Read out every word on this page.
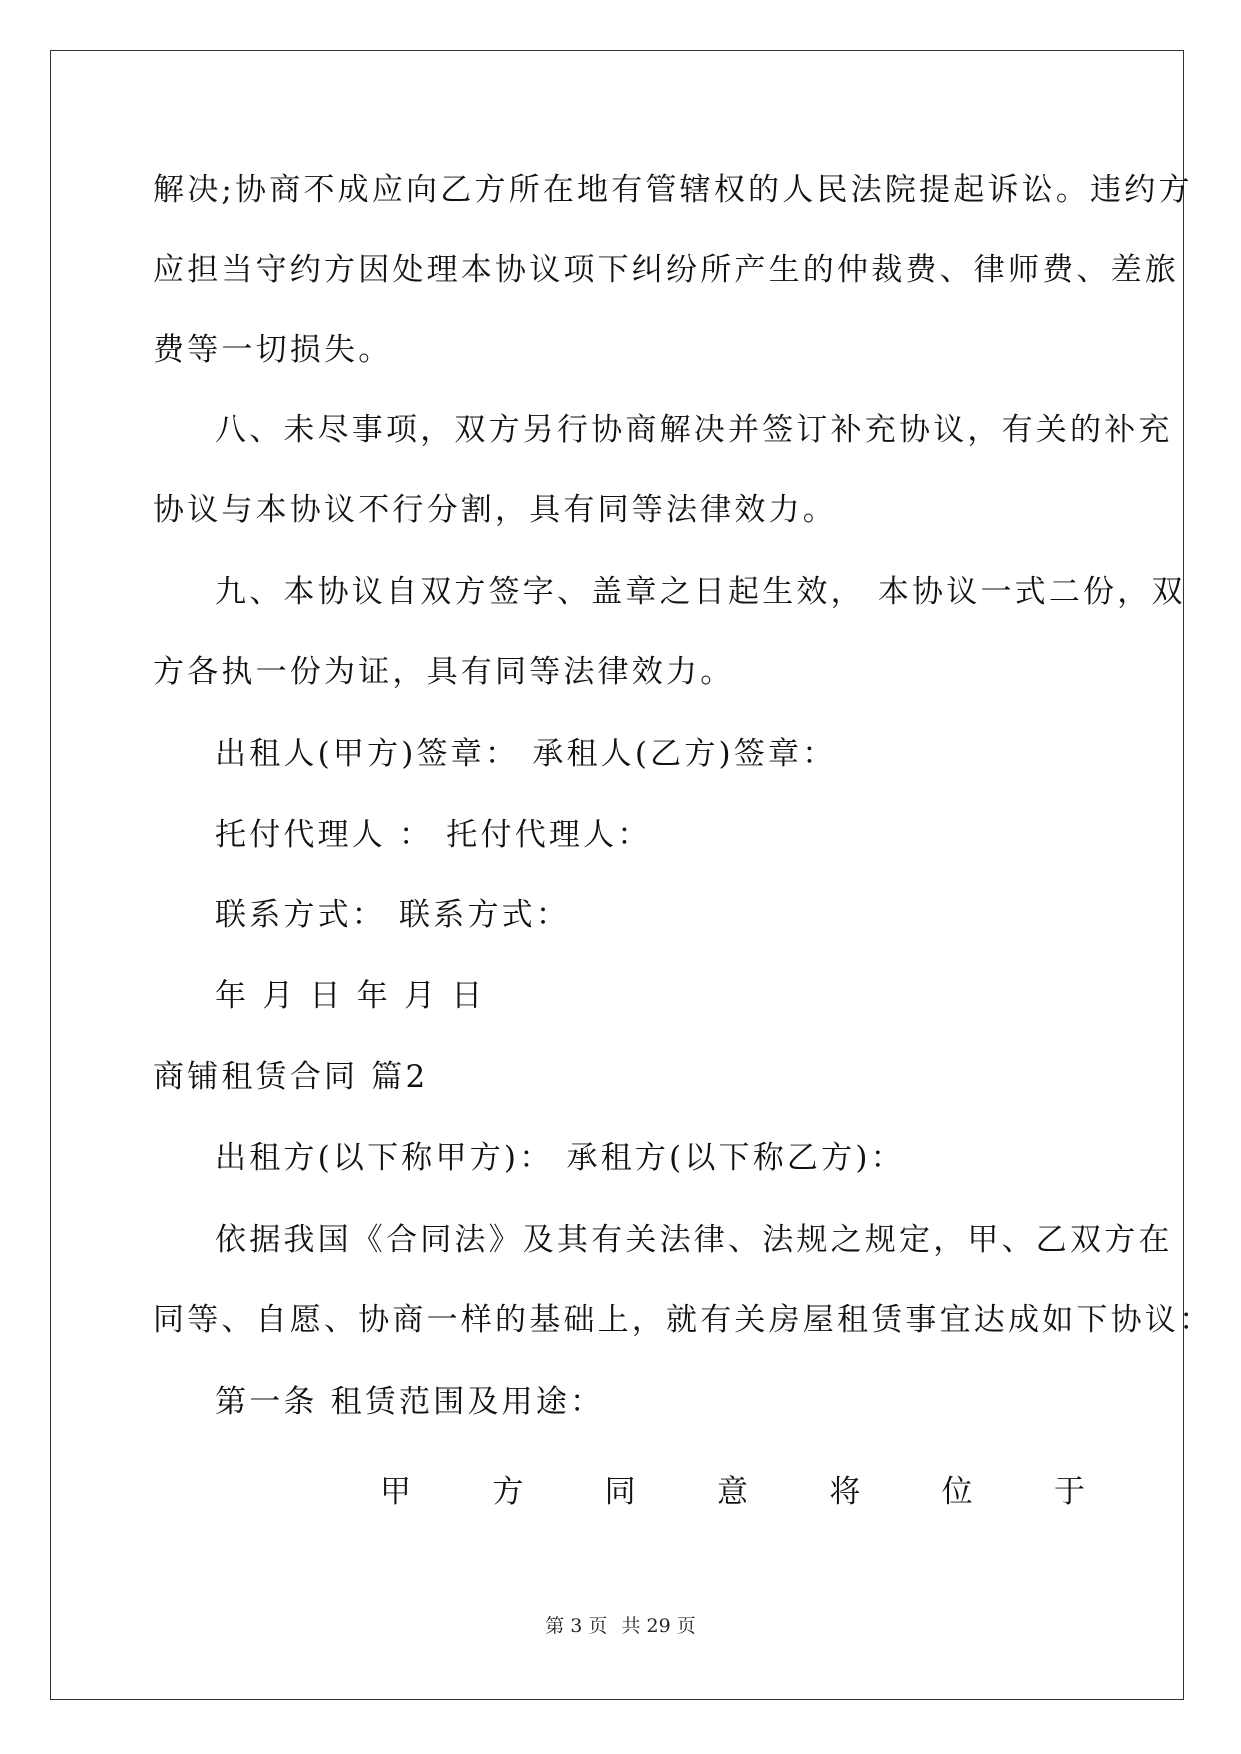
解决;协商不成应向乙方所在地有管辖权的人民法院提起诉讼。违约方
应担当守约方因处理本协议项下纠纷所产生的仲裁费、律师费、差旅
费等一切损失。
八、未尽事项，双方另行协商解决并签订补充协议，有关的补充
协议与本协议不行分割，具有同等法律效力。
九、本协议自双方签字、盖章之日起生效， 本协议一式二份，双
方各执一份为证，具有同等法律效力。
出租人(甲方)签章： 承租人(乙方)签章：
托付代理人 ： 托付代理人：
联系方式： 联系方式：
年 月 日 年 月 日
商铺租赁合同 篇2
出租方(以下称甲方)： 承租方(以下称乙方)：
依据我国《合同法》及其有关法律、法规之规定，甲、乙双方在
同等、自愿、协商一样的基础上，就有关房屋租赁事宜达成如下协议：
第一条 租赁范围及用途：
甲	方	同	意	将	位	于
第 3 页 共 29 页
